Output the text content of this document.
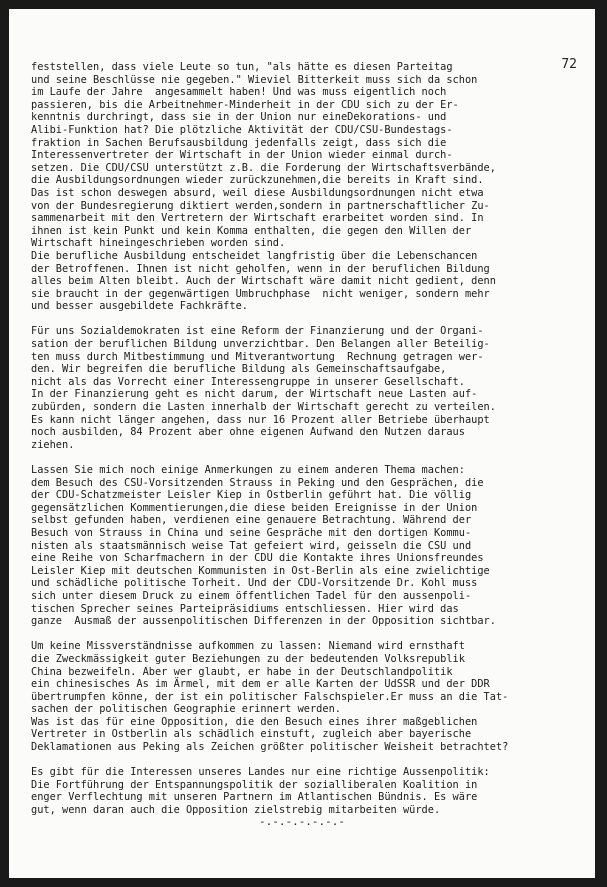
72
feststellen, dass viele Leute so tun, "als hätte es diesen Parteitag
und seine Beschlüsse nie gegeben." Wieviel Bitterkeit muss sich da schon
im Laufe der Jahre  angesammelt haben! Und was muss eigentlich noch
passieren, bis die Arbeitnehmer-Minderheit in der CDU sich zu der Er-
kenntnis durchringt, dass sie in der Union nur eineDekorations- und
Alibi-Funktion hat? Die plötzliche Aktivität der CDU/CSU-Bundestags-
fraktion in Sachen Berufsausbildung jedenfalls zeigt, dass sich die
Interessenvertreter der Wirtschaft in der Union wieder einmal durch-
setzen. Die CDU/CSU unterstützt z.B. die Forderung der Wirtschaftsverbände,
die Ausbildungsordnungen wieder zurückzunehmen,die bereits in Kraft sind.
Das ist schon deswegen absurd, weil diese Ausbildungsordnungen nicht etwa
von der Bundesregierung diktiert werden,sondern in partnerschaftlicher Zu-
sammenarbeit mit den Vertretern der Wirtschaft erarbeitet worden sind. In
ihnen ist kein Punkt und kein Komma enthalten, die gegen den Willen der
Wirtschaft hineingeschrieben worden sind.
Die berufliche Ausbildung entscheidet langfristig über die Lebenschancen
der Betroffenen. Ihnen ist nicht geholfen, wenn in der beruflichen Bildung
alles beim Alten bleibt. Auch der Wirtschaft wäre damit nicht gedient, denn
sie braucht in der gegenwärtigen Umbruchphase  nicht weniger, sondern mehr
und besser ausgebildete Fachkräfte.
Für uns Sozialdemokraten ist eine Reform der Finanzierung und der Organi-
sation der beruflichen Bildung unverzichtbar. Den Belangen aller Beteilig-
ten muss durch Mitbestimmung und Mitverantwortung  Rechnung getragen wer-
den. Wir begreifen die berufliche Bildung als Gemeinschaftsaufgabe,
nicht als das Vorrecht einer Interessengruppe in unserer Gesellschaft.
In der Finanzierung geht es nicht darum, der Wirtschaft neue Lasten auf-
zubürden, sondern die Lasten innerhalb der Wirtschaft gerecht zu verteilen.
Es kann nicht länger angehen, dass nur 16 Prozent aller Betriebe überhaupt
noch ausbilden, 84 Prozent aber ohne eigenen Aufwand den Nutzen daraus
ziehen.
Lassen Sie mich noch einige Anmerkungen zu einem anderen Thema machen:
dem Besuch des CSU-Vorsitzenden Strauss in Peking und den Gesprächen, die
der CDU-Schatzmeister Leisler Kiep in Ostberlin geführt hat. Die völlig
gegensätzlichen Kommentierungen,die diese beiden Ereignisse in der Union
selbst gefunden haben, verdienen eine genauere Betrachtung. Während der
Besuch von Strauss in China und seine Gespräche mit den dortigen Kommu-
nisten als staatsmännisch weise Tat gefeiert wird, geisseln die CSU und
eine Reihe von Scharfmachern in der CDU die Kontakte ihres Unionsfreundes
Leisler Kiep mit deutschen Kommunisten in Ost-Berlin als eine zwielichtige
und schädliche politische Torheit. Und der CDU-Vorsitzende Dr. Kohl muss
sich unter diesem Druck zu einem öffentlichen Tadel für den aussenpoli-
tischen Sprecher seines Parteipräsidiums entschliessen. Hier wird das
ganze  Ausmaß der aussenpolitischen Differenzen in der Opposition sichtbar.
Um keine Missverständnisse aufkommen zu lassen: Niemand wird ernsthaft
die Zweckmässigkeit guter Beziehungen zu der bedeutenden Volksrepublik
China bezweifeln. Aber wer glaubt, er habe in der Deutschlandpolitik
ein chinesisches As im Ärmel, mit dem er alle Karten der UdSSR und der DDR
übertrumpfen könne, der ist ein politischer Falschspieler.Er muss an die Tat-
sachen der politischen Geographie erinnert werden.
Was ist das für eine Opposition, die den Besuch eines ihrer maßgeblichen
Vertreter in Ostberlin als schädlich einstuft, zugleich aber bayerische
Deklamationen aus Peking als Zeichen größter politischer Weisheit betrachtet?
Es gibt für die Interessen unseres Landes nur eine richtige Aussenpolitik:
Die Fortführung der Entspannungspolitik der sozialliberalen Koalition in
enger Verflechtung mit unseren Partnern im Atlantischen Bündnis. Es wäre
gut, wenn daran auch die Opposition zielstrebig mitarbeiten würde.
-.-.-.-.-.-.-
